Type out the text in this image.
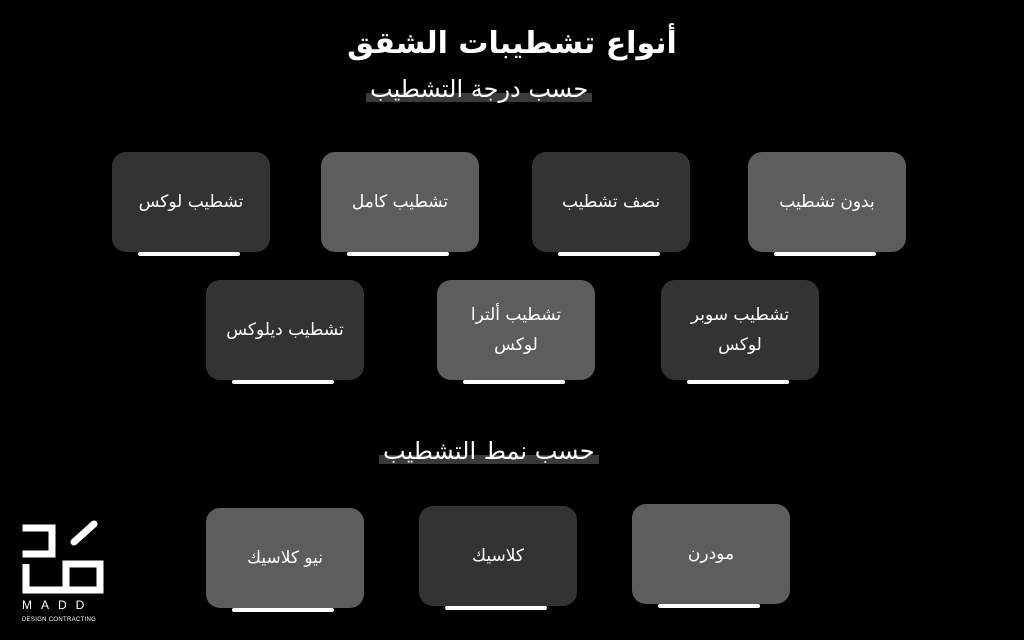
أنواع تشطيبات الشقق
حسب درجة التشطيب
تشطيب لوكس	تشطيب كامل	نصف تشطيب	بدون تشطيب
تشطيب ديلوكس
تشطيب ألترا لوكس
تشطيب سوبر لوكس
حسب نمط التشطيب
نيو كلاسيك	كلاسيك	مودرن
MADD
DESIGN CONTRACTING
